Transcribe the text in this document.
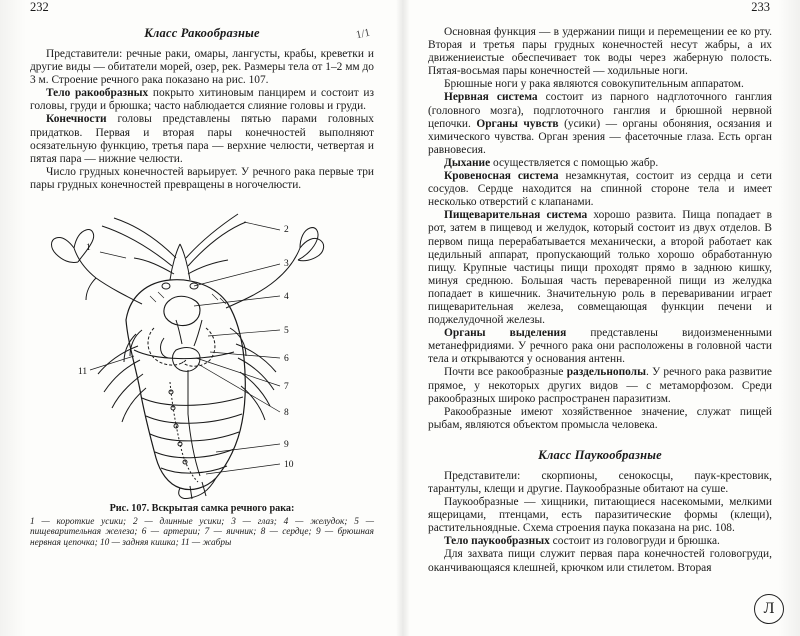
232	233
1/1
Класс Ракообразные

Представители: речные раки, омары, лангусты, крабы, креветки и другие виды — обитатели морей, озер, рек. Размеры тела от 1–2 мм до 3 м. Строение речного рака показано на рис. 107.

Тело ракообразных покрыто хитиновым панцирем и состоит из головы, груди и брюшка; часто наблюдается слияние головы и груди.

Конечности головы представлены пятью парами головных придатков. Первая и вторая пары конечностей выполняют осязательную функцию, третья пара — верхние челюсти, четвертая и пятая пара — нижние челюсти.

Число грудных конечностей варьирует. У речного рака первые три пары грудных конечностей превращены в ногочелюсти.

1
2
3
4
5
6
7
8
9
10
11
Рис. 107. Вскрытая самка речного рака:
1 — короткие усики; 2 — длинные усики; 3 — глаз; 4 — желудок; 5 — пищеварительная железа; 6 — артерии; 7 — яичник; 8 — сердце; 9 — брюшная нервная цепочка; 10 — задняя кишка; 11 — жабры

Основная функция — в удержании пищи и перемещении ее ко рту. Вторая и третья пары грудных конечностей несут жабры, а их движениеистые обеспечивает ток воды через жаберную полость. Пятая-восьмая пары конечностей — ходильные ноги.

Брюшные ноги у рака являются совокупительным аппаратом.

Нервная система состоит из парного надглоточного ганглия (головного мозга), подглоточного ганглия и брюшной нервной цепочки. Органы чувств (усики) — органы обоняния, осязания и химического чувства. Орган зрения — фасеточные глаза. Есть орган равновесия.

Дыхание осуществляется с помощью жабр.

Кровеносная система незамкнутая, состоит из сердца и сети сосудов. Сердце находится на спинной стороне тела и имеет несколько отверстий с клапанами.

Пищеварительная система хорошо развита. Пища попадает в рот, затем в пищевод и желудок, который состоит из двух отделов. В первом пища перерабатывается механически, а второй работает как цедильный аппарат, пропускающий только хорошо обработанную пищу. Крупные частицы пищи проходят прямо в заднюю кишку, минуя среднюю. Большая часть переваренной пищи из желудка попадает в кишечник. Значительную роль в переваривании играет пищеварительная железа, совмещающая функции печени и поджелудочной железы.

Органы выделения представлены видоизмененными метанефридиями. У речного рака они расположены в головной части тела и открываются у основания антенн.

Почти все ракообразные раздельнополы. У речного рака развитие прямое, у некоторых других видов — с метаморфозом. Среди ракообразных широко распространен паразитизм.

Ракообразные имеют хозяйственное значение, служат пищей рыбам, являются объектом промысла человека.

Класс Паукообразные

Представители: скорпионы, сенокосцы, паук-крестовик, тарантулы, клещи и другие. Паукообразные обитают на суше.

Паукообразные — хищники, питающиеся насекомыми, мелкими ящерицами, птенцами, есть паразитические формы (клещи), растительноядные. Схема строения паука показана на рис. 108.

Тело паукообразных состоит из головогруди и брюшка.

Для захвата пищи служит первая пара конечностей головогруди, оканчивающаяся клешней, крючком или стилетом. Вторая

Л
